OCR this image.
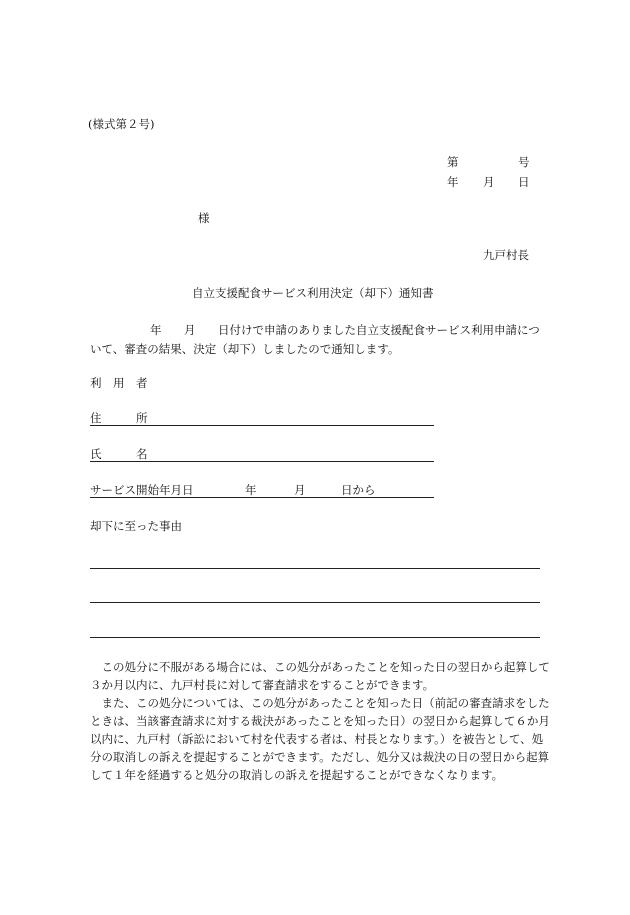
(様式第２号)
第	号
年 月 日
様
九戸村長
自立支援配食サービス利用決定（却下）通知書
年 月 日付けで申請のありました自立支援配食サービス利用申請につ
いて、審査の結果、決定（却下）しましたので通知します。
利　用　者
住　　　所
氏　　　名
サービス開始年月日	年	月	日から
却下に至った事由

この処分に不服がある場合には、この処分があったことを知った日の翌日から起算して３か月以内に、九戸村長に対して審査請求をすることができます。

また、この処分については、この処分があったことを知った日（前記の審査請求をしたときは、当該審査請求に対する裁決があったことを知った日）の翌日から起算して６か月以内に、九戸村（訴訟において村を代表する者は、村長となります。）を被告として、処分の取消しの訴えを提起することができます。ただし、処分又は裁決の日の翌日から起算して１年を経過すると処分の取消しの訴えを提起することができなくなります。
